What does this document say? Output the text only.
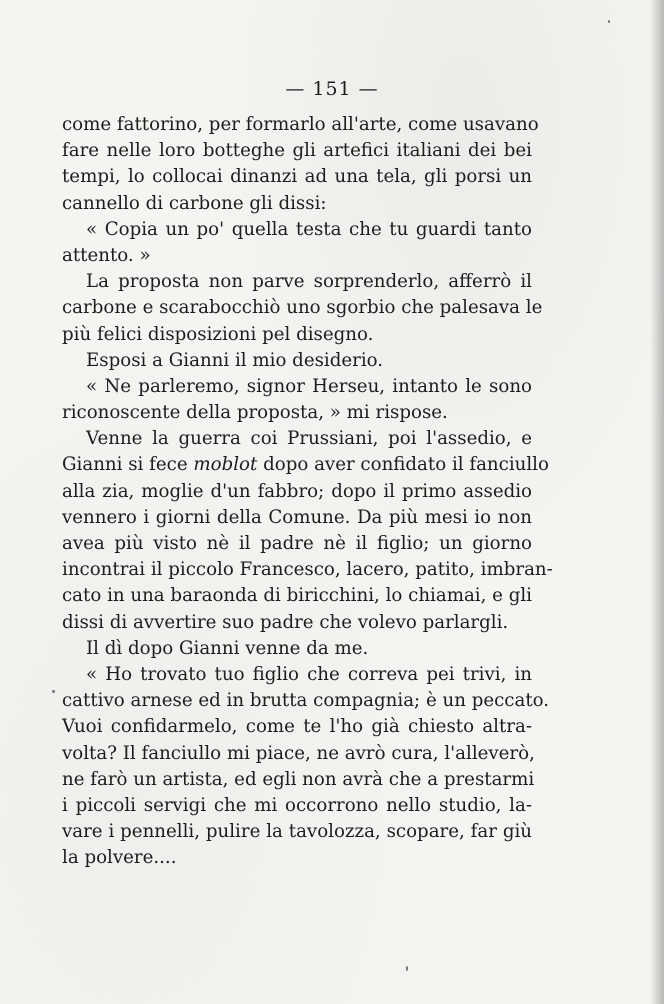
— 151 —
come fattorino, per formarlo all'arte, come usavano
fare nelle loro botteghe gli artefici italiani dei bei
tempi, lo collocai dinanzi ad una tela, gli porsi un
cannello di carbone gli dissi:
« Copia un po' quella testa che tu guardi tanto
attento. »
La proposta non parve sorprenderlo, afferrò il
carbone e scarabocchiò uno sgorbio che palesava le
più felici disposizioni pel disegno.
Esposi a Gianni il mio desiderio.
« Ne parleremo, signor Herseu, intanto le sono
riconoscente della proposta, » mi rispose.
Venne la guerra coi Prussiani, poi l'assedio, e
Gianni si fece moblot dopo aver confidato il fanciullo
alla zia, moglie d'un fabbro; dopo il primo assedio
vennero i giorni della Comune. Da più mesi io non
avea più visto nè il padre nè il figlio; un giorno
incontrai il piccolo Francesco, lacero, patito, imbran-
cato in una baraonda di biricchini, lo chiamai, e gli
dissi di avvertire suo padre che volevo parlargli.
Il dì dopo Gianni venne da me.
« Ho trovato tuo figlio che correva pei trivi, in
cattivo arnese ed in brutta compagnia; è un peccato.
Vuoi confidarmelo, come te l'ho già chiesto altra-
volta? Il fanciullo mi piace, ne avrò cura, l'alleverò,
ne farò un artista, ed egli non avrà che a prestarmi
i piccoli servigi che mi occorrono nello studio, la-
vare i pennelli, pulire la tavolozza, scopare, far giù
la polvere....
